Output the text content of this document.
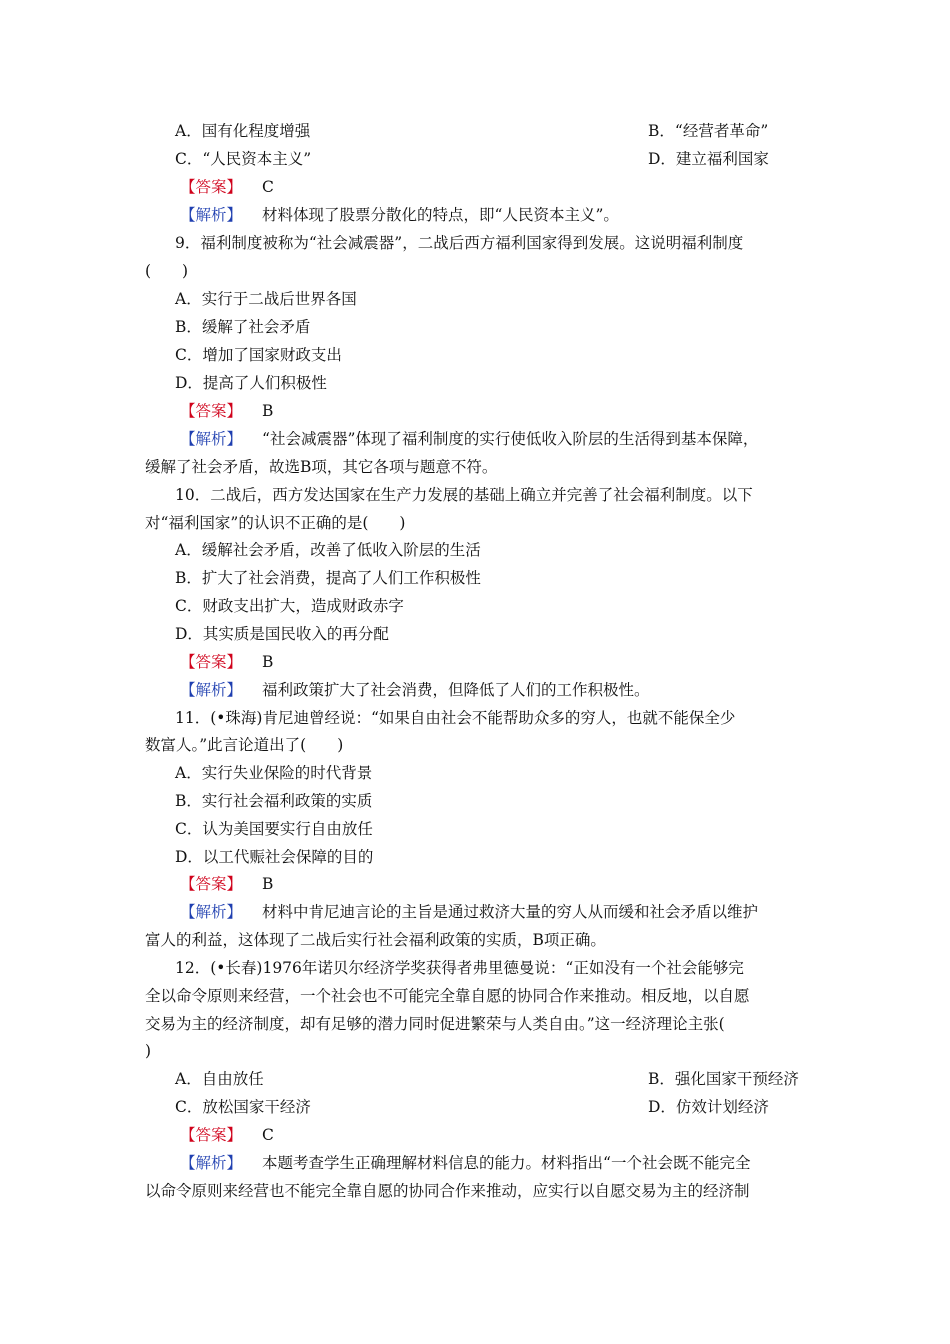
A．国有化程度增强	B．“经营者革命”
C．“人民资本主义”	D．建立福利国家
【答案】 C
【解析】 材料体现了股票分散化的特点，即“人民资本主义”。
9．福利制度被称为“社会减震器”，二战后西方福利国家得到发展。这说明福利制度
(　　)
A．实行于二战后世界各国
B．缓解了社会矛盾
C．增加了国家财政支出
D．提高了人们积极性
【答案】 B
【解析】 “社会减震器”体现了福利制度的实行使低收入阶层的生活得到基本保障，
缓解了社会矛盾，故选B项，其它各项与题意不符。
10．二战后，西方发达国家在生产力发展的基础上确立并完善了社会福利制度。以下
对“福利国家”的认识不正确的是(　　)
A．缓解社会矛盾，改善了低收入阶层的生活
B．扩大了社会消费，提高了人们工作积极性
C．财政支出扩大，造成财政赤字
D．其实质是国民收入的再分配
【答案】 B
【解析】 福利政策扩大了社会消费，但降低了人们的工作积极性。
11．(•珠海)肯尼迪曾经说：“如果自由社会不能帮助众多的穷人，也就不能保全少
数富人。”此言论道出了(　　)
A．实行失业保险的时代背景
B．实行社会福利政策的实质
C．认为美国要实行自由放任
D．以工代赈社会保障的目的
【答案】 B
【解析】 材料中肯尼迪言论的主旨是通过救济大量的穷人从而缓和社会矛盾以维护
富人的利益，这体现了二战后实行社会福利政策的实质，B项正确。
12．(•长春)1976年诺贝尔经济学奖获得者弗里德曼说：“正如没有一个社会能够完
全以命令原则来经营，一个社会也不可能完全靠自愿的协同合作来推动。相反地，以自愿
交易为主的经济制度，却有足够的潜力同时促进繁荣与人类自由。”这一经济理论主张(
)
A．自由放任	B．强化国家干预经济
C．放松国家干经济	D．仿效计划经济
【答案】 C
【解析】 本题考查学生正确理解材料信息的能力。材料指出“一个社会既不能完全
以命令原则来经营也不能完全靠自愿的协同合作来推动，应实行以自愿交易为主的经济制
